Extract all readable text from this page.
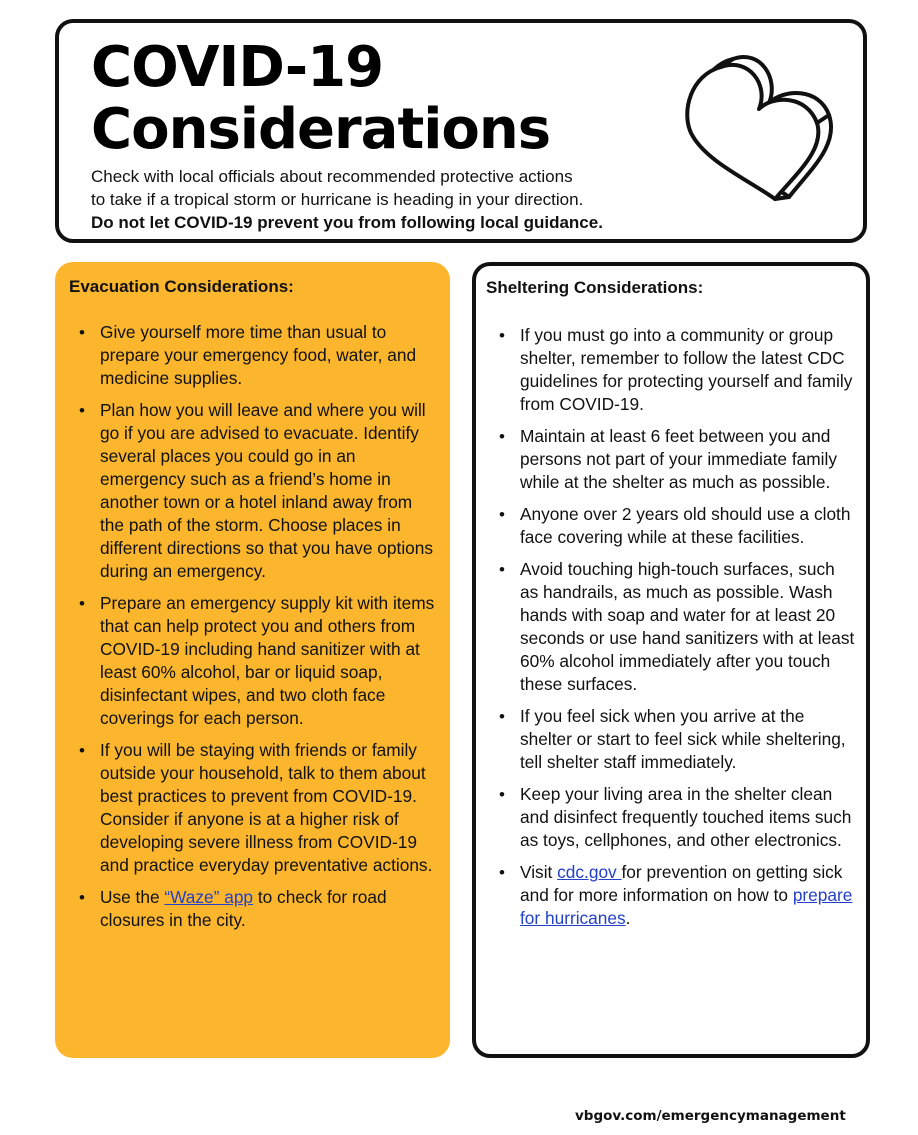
COVID-19
Considerations
Check with local officials about recommended protective actions
to take if a tropical storm or hurricane is heading in your direction.
Do not let COVID-19 prevent you from following local guidance.
Evacuation Considerations:
• Give yourself more time than usual to prepare your emergency food, water, and medicine supplies.
• Plan how you will leave and where you will go if you are advised to evacuate. Identify several places you could go in an emergency such as a friend’s home in another town or a hotel inland away from the path of the storm. Choose places in different directions so that you have options during an emergency.
• Prepare an emergency supply kit with items that can help protect you and others from COVID-19 including hand sanitizer with at least 60% alcohol, bar or liquid soap, disinfectant wipes, and two cloth face coverings for each person.
• If you will be staying with friends or family outside your household, talk to them about best practices to prevent from COVID-19. Consider if anyone is at a higher risk of developing severe illness from COVID-19 and practice everyday preventative actions.
• Use the “Waze” app to check for road closures in the city.
Sheltering Considerations:
• If you must go into a community or group shelter, remember to follow the latest CDC guidelines for protecting yourself and family from COVID-19.
• Maintain at least 6 feet between you and persons not part of your immediate family while at the shelter as much as possible.
• Anyone over 2 years old should use a cloth face covering while at these facilities.
• Avoid touching high-touch surfaces, such as handrails, as much as possible. Wash hands with soap and water for at least 20 seconds or use hand sanitizers with at least 60% alcohol immediately after you touch these surfaces.
• If you feel sick when you arrive at the shelter or start to feel sick while sheltering, tell shelter staff immediately.
• Keep your living area in the shelter clean and disinfect frequently touched items such as toys, cellphones, and other electronics.
• Visit cdc.gov for prevention on getting sick and for more information on how to prepare for hurricanes.
vbgov.com/emergencymanagement
